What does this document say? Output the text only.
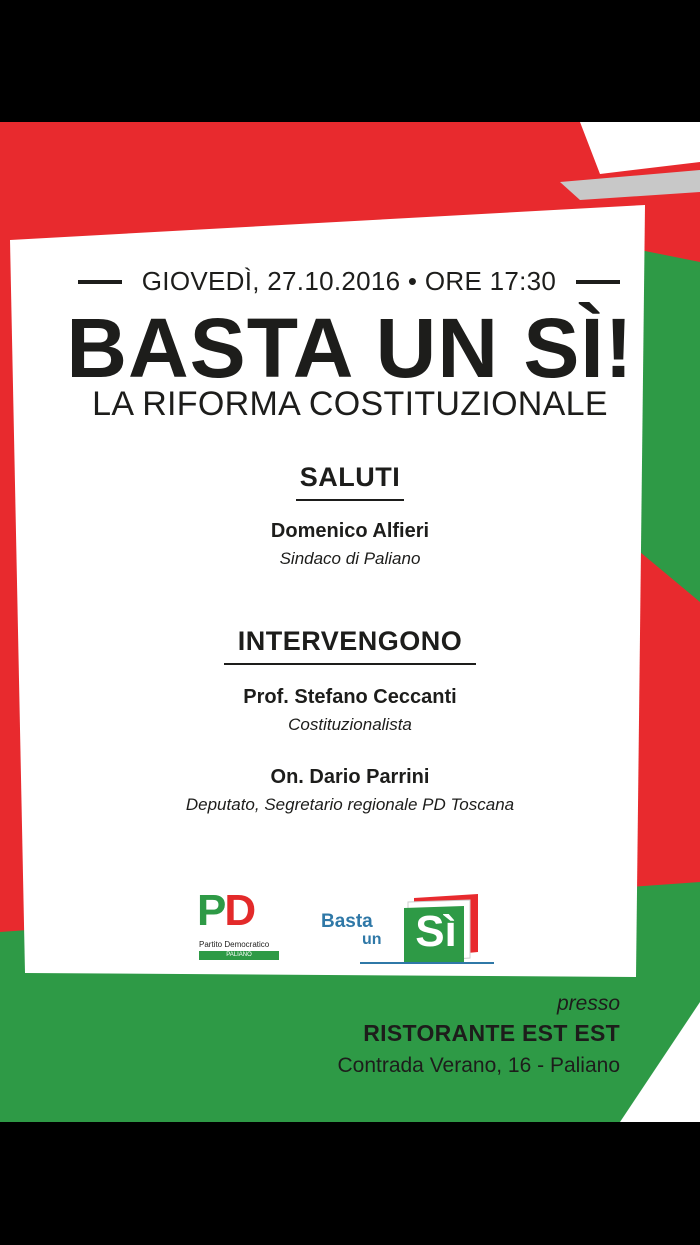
GIOVEDÌ, 27.10.2016 • ORE 17:30
BASTA UN SÌ!
LA RIFORMA COSTITUZIONALE
SALUTI
Domenico Alfieri
Sindaco di Paliano
INTERVENGONO
Prof. Stefano Ceccanti
Costituzionalista
On. Dario Parrini
Deputato, Segretario regionale PD Toscana
PD
Partito Democratico
PALIANO
Basta
un Sì
presso
RISTORANTE EST EST
Contrada Verano, 16 - Paliano
